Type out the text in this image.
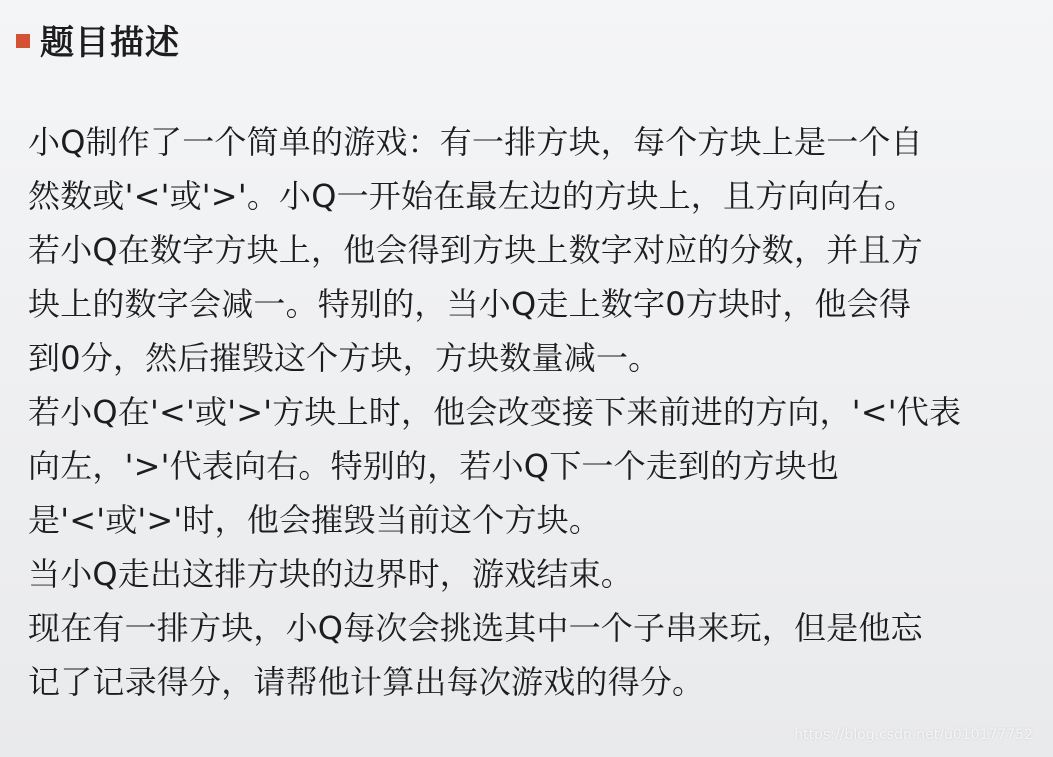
题目描述
小Q制作了一个简单的游戏：有一排方块，每个方块上是一个自
然数或'<'或'>'。小Q一开始在最左边的方块上，且方向向右。
若小Q在数字方块上，他会得到方块上数字对应的分数，并且方
块上的数字会减一。特别的，当小Q走上数字0方块时，他会得
到0分，然后摧毁这个方块，方块数量减一。
若小Q在'<'或'>'方块上时，他会改变接下来前进的方向，'<'代表
向左，'>'代表向右。特别的，若小Q下一个走到的方块也
是'<'或'>'时，他会摧毁当前这个方块。
当小Q走出这排方块的边界时，游戏结束。
现在有一排方块，小Q每次会挑选其中一个子串来玩，但是他忘
记了记录得分，请帮他计算出每次游戏的得分。
https://blog.csdn.net/u010177752
